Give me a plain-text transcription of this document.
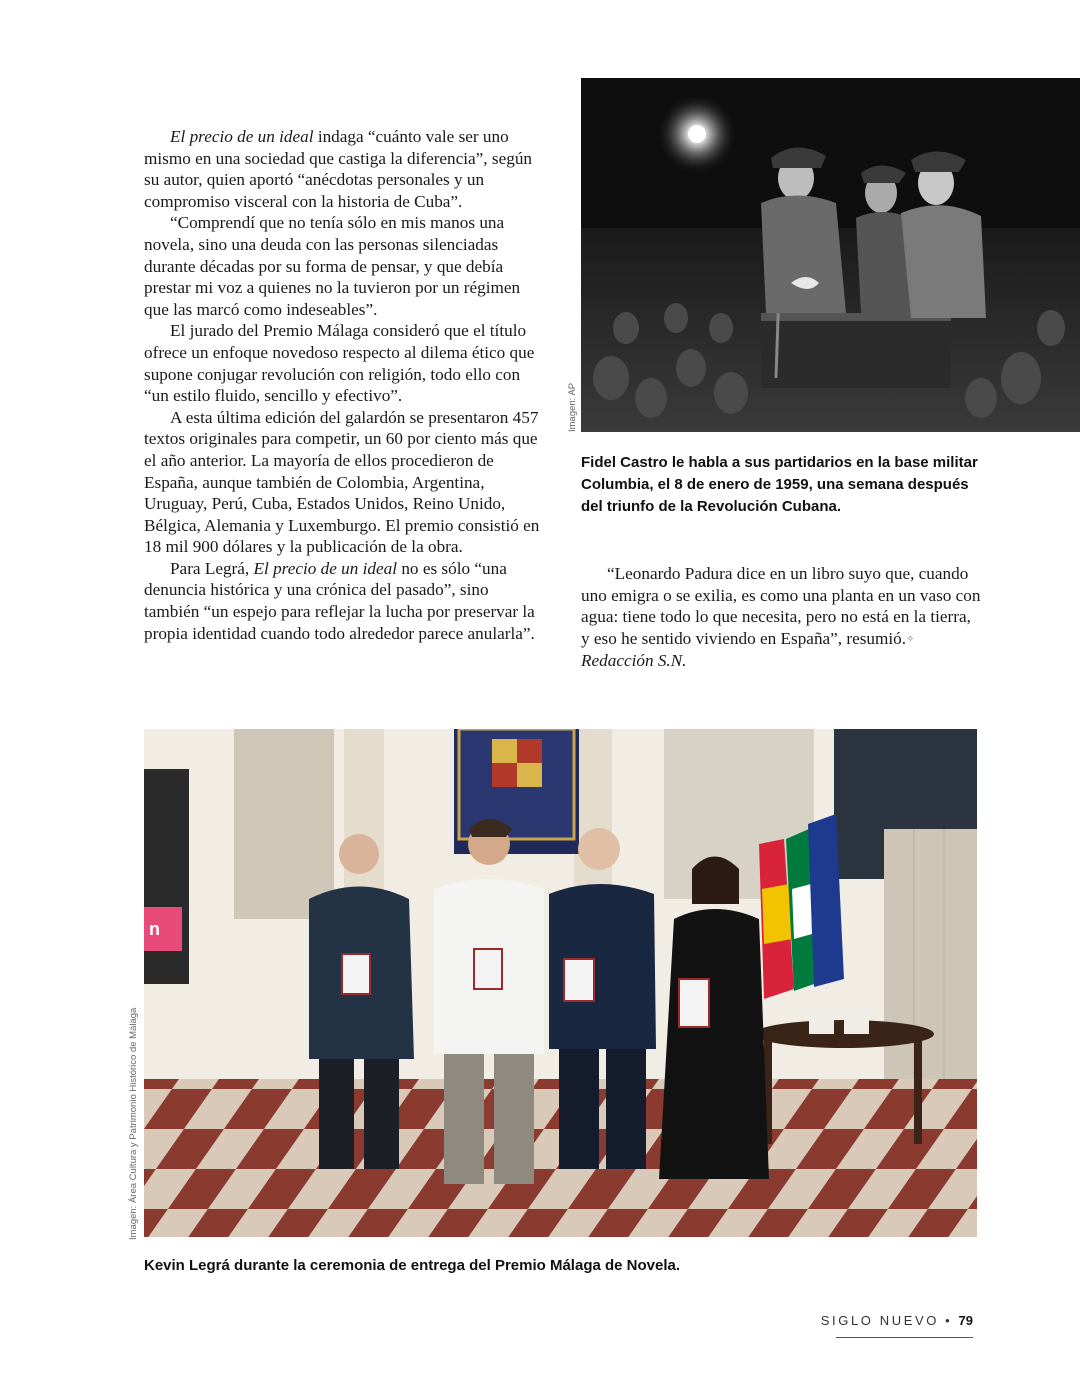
El precio de un ideal indaga “cuánto vale ser uno mismo en una sociedad que castiga la diferencia”, según su autor, quien aportó “anécdotas personales y un compromiso visceral con la historia de Cuba”.

“Comprendí que no tenía sólo en mis manos una novela, sino una deuda con las personas silenciadas durante décadas por su forma de pensar, y que debía prestar mi voz a quienes no la tuvieron por un régimen que las marcó como indeseables”.

El jurado del Premio Málaga consideró que el título ofrece un enfoque novedoso respecto al dilema ético que supone conjugar revolución con religión, todo ello con “un estilo fluido, sencillo y efectivo”.

A esta última edición del galardón se presentaron 457 textos originales para competir, un 60 por ciento más que el año anterior. La mayoría de ellos procedieron de España, aunque también de Colombia, Argentina, Uruguay, Perú, Cuba, Estados Unidos, Reino Unido, Bélgica, Alemania y Luxemburgo. El premio consistió en 18 mil 900 dólares y la publicación de la obra.

Para Legrá, El precio de un ideal no es sólo “una denuncia histórica y una crónica del pasado”, sino también “un espejo para reflejar la lucha por preservar la propia identidad cuando todo alrededor parece anularla”.

Imagen: AP
Fidel Castro le habla a sus partidarios en la base militar Columbia, el 8 de enero de 1959, una semana después del triunfo de la Revolución Cubana.

“Leonardo Padura dice en un libro suyo que, cuando uno emigra o se exilia, es como una planta en un vaso con agua: tiene todo lo que necesita, pero no está en la tierra, y eso he sentido viviendo en España”, resumió.✧

Redacción S.N.

n
Imagen: Área Cultura y Patrimonio Histórico de Málaga
Kevin Legrá durante la ceremonia de entrega del Premio Málaga de Novela.
SIGLO NUEVO • 79
